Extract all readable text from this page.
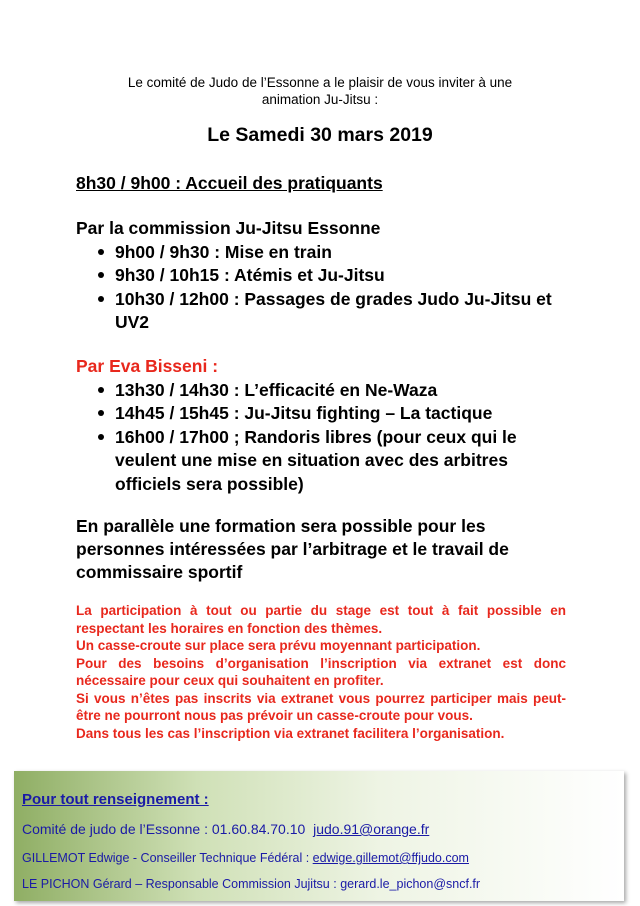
Le comité de Judo de l’Essonne a le plaisir de vous inviter à une
animation Ju-Jitsu :
Le Samedi 30 mars 2019
8h30 / 9h00 : Accueil des pratiquants

Par la commission Ju-Jitsu Essonne

9h00 / 9h30 : Mise en train
9h30 / 10h15 : Atémis et Ju-Jitsu
10h30 / 12h00 : Passages de grades Judo Ju-Jitsu et UV2

Par Eva Bisseni :

13h30 / 14h30 : L’efficacité en Ne-Waza
14h45 / 15h45 : Ju-Jitsu fighting – La tactique
16h00 / 17h00 ; Randoris libres (pour ceux qui le veulent une mise en situation avec des arbitres officiels sera possible)
En parallèle une formation sera possible pour les personnes intéressées par l’arbitrage et le travail de commissaire sportif

La participation à tout ou partie du stage est tout à fait possible en respectant les horaires en fonction des thèmes.

Un casse-croute sur place sera prévu moyennant participation.

Pour des besoins d’organisation l’inscription via extranet est donc nécessaire pour ceux qui souhaitent en profiter.

Si vous n’êtes pas inscrits via extranet vous pourrez participer mais peut-être ne pourront nous pas prévoir un casse-croute pour vous.

Dans tous les cas l’inscription via extranet facilitera l’organisation.

Pour tout renseignement :
Comité de judo de l’Essonne : 01.60.84.70.10 judo.91@orange.fr
GILLEMOT Edwige - Conseiller Technique Fédéral : edwige.gillemot@ffjudo.com
LE PICHON Gérard – Responsable Commission Jujitsu : gerard.le_pichon@sncf.fr
